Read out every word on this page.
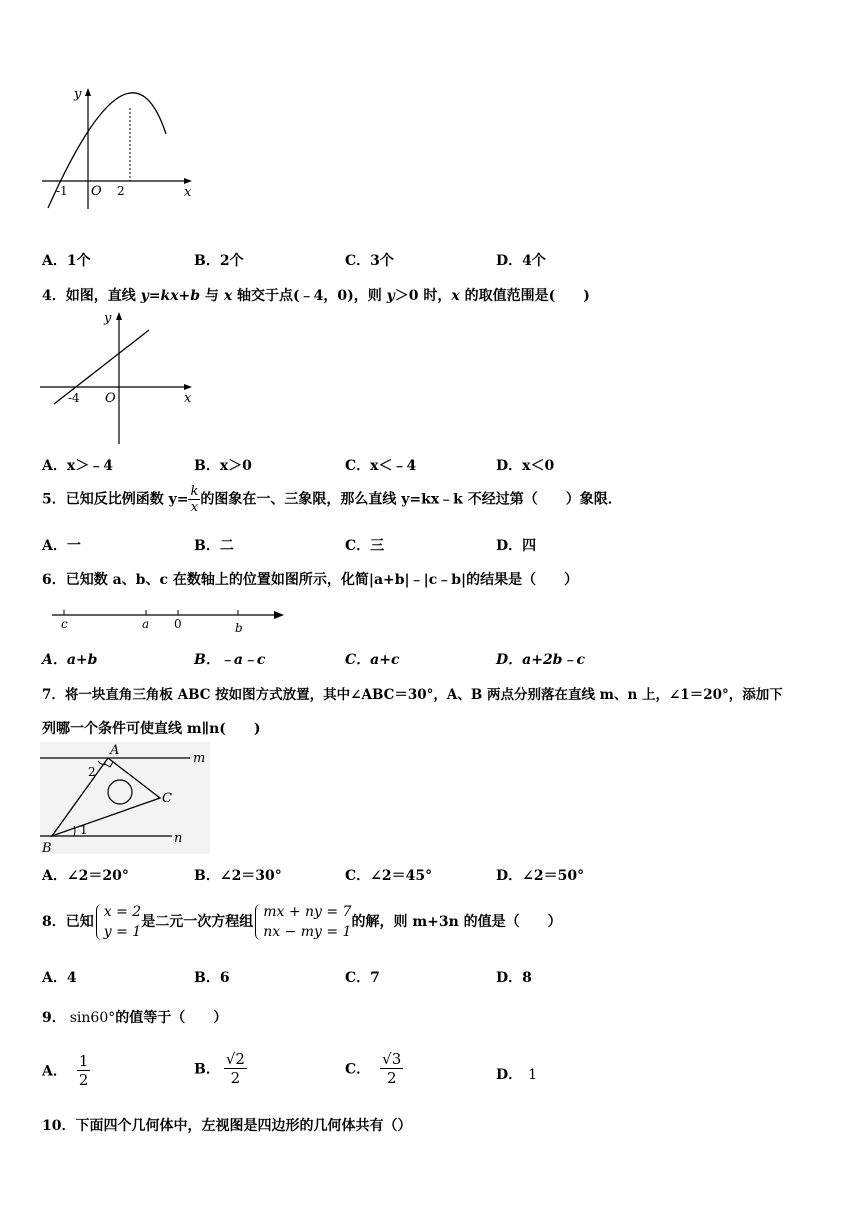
y
x
O
-1	2
A．1个	B．2个	C．3个	D．4个
4．如图，直线 y=kx+b 与 x 轴交于点(﹣4，0)，则 y＞0 时，x 的取值范围是(　　)
y
x
O
-4
A．x＞﹣4	B．x＞0	C．x＜﹣4	D．x＜0
5．已知反比例函数 $y= \frac{k}{x}$ 的图象在一、三象限，那么直线 y=kx﹣k 不经过第（　　）象限．
A．一	B．二	C．三	D．四
6．已知数 a、b、c 在数轴上的位置如图所示，化简|a+b|﹣|c﹣b|的结果是（　　）
c	a 0	b
A．a+b	B．﹣a﹣c	C．a+c	D．a+2b﹣c
7．将一块直角三角板 ABC 按如图方式放置，其中∠ABC＝30°，A、B 两点分别落在直线 m、n 上，∠1＝20°，添加下
列哪一个条件可使直线 m∥n(　　)
A
B
C
m
n
1
2
A．∠2＝20°	B．∠2＝30°	C．∠2＝45°	D．∠2＝50°
8．已知
x = 2
y = 1
是二元一次方程组
mx + ny = 7
nx − my = 1
的解，则 m+3n 的值是（　　）
A．4	B．6	C．7	D．8
9． sin60°的值等于（　　）
A． $\frac{1}{2}$	B． $\frac{√2}{2}$	C． $\frac{√3}{2}$	D． 1
10．下面四个几何体中，左视图是四边形的几何体共有（）
